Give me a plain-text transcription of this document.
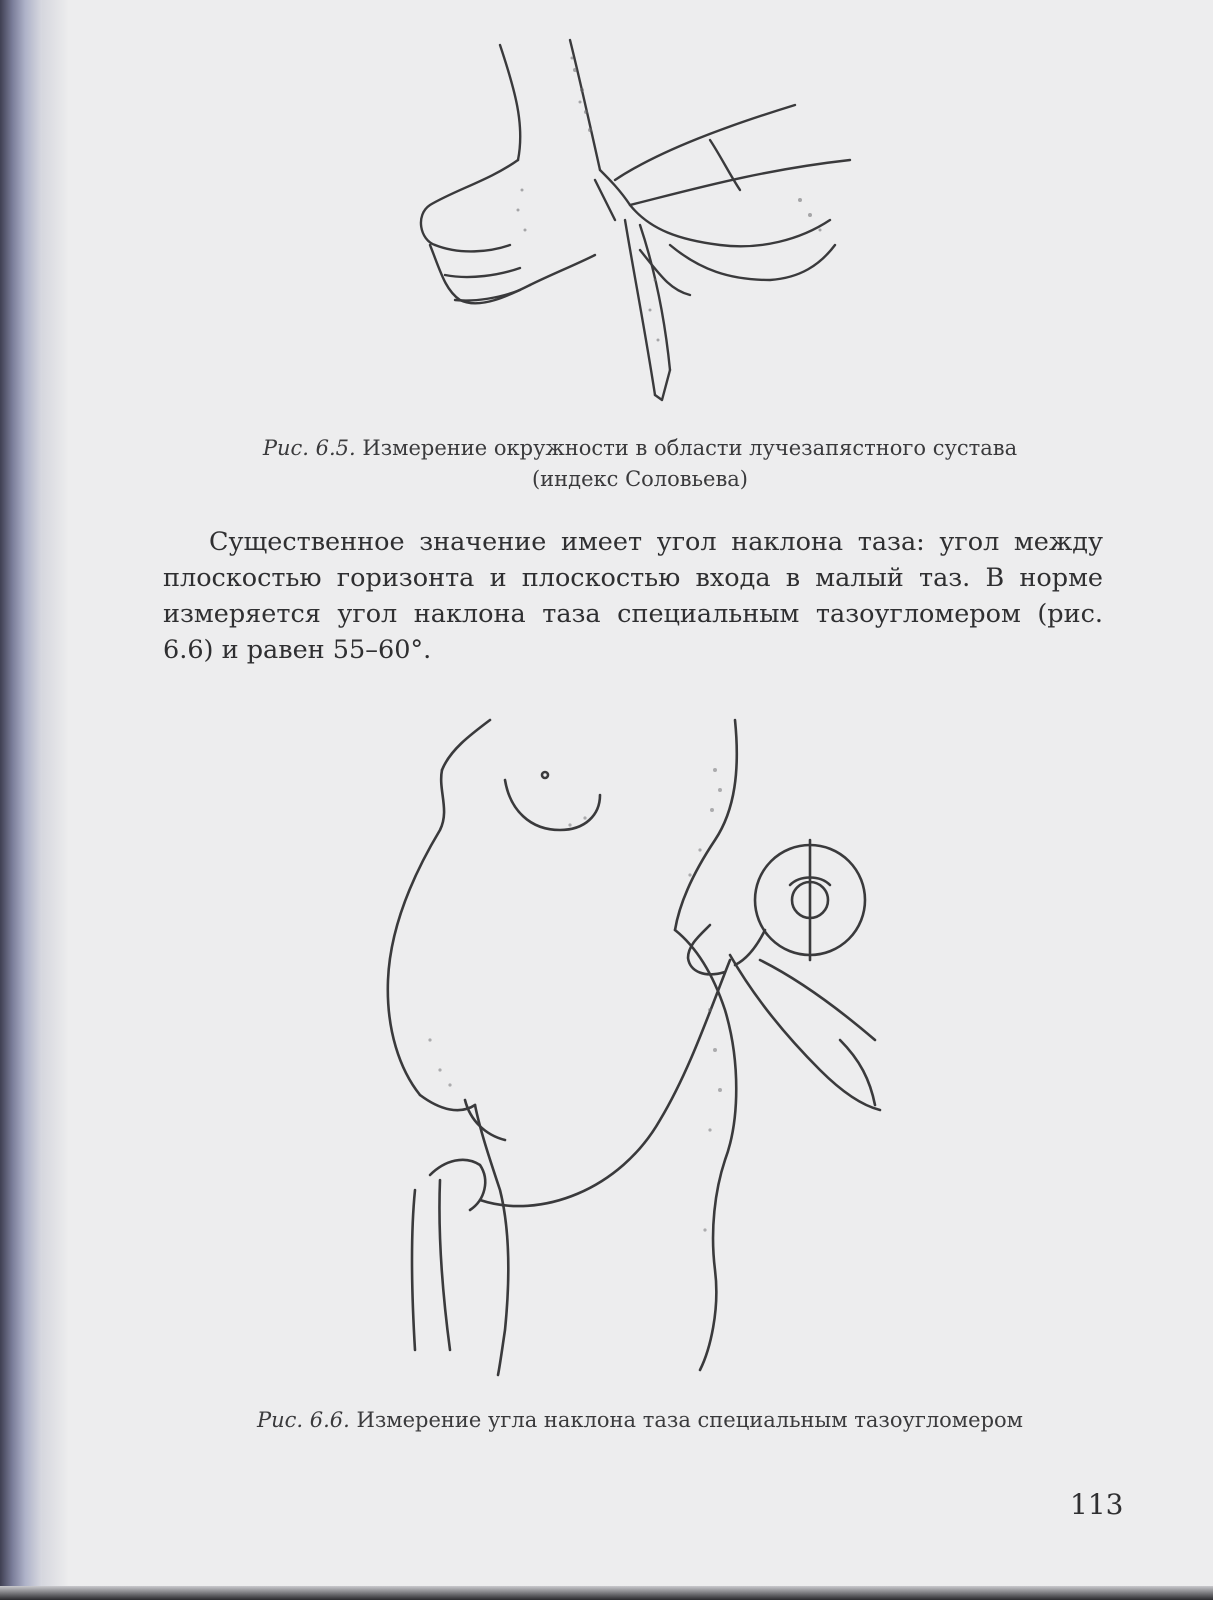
Рис. 6.5. Измерение окружности в области лучезапястного сустава
(индекс Соловьева)

Существенное значение имеет угол наклона таза: угол между плоскостью горизонта и плоскостью входа в малый таз. В норме измеряется угол наклона таза специальным тазоугломером (рис. 6.6) и равен 55–60°.

Рис. 6.6. Измерение угла наклона таза специальным тазоугломером
113
